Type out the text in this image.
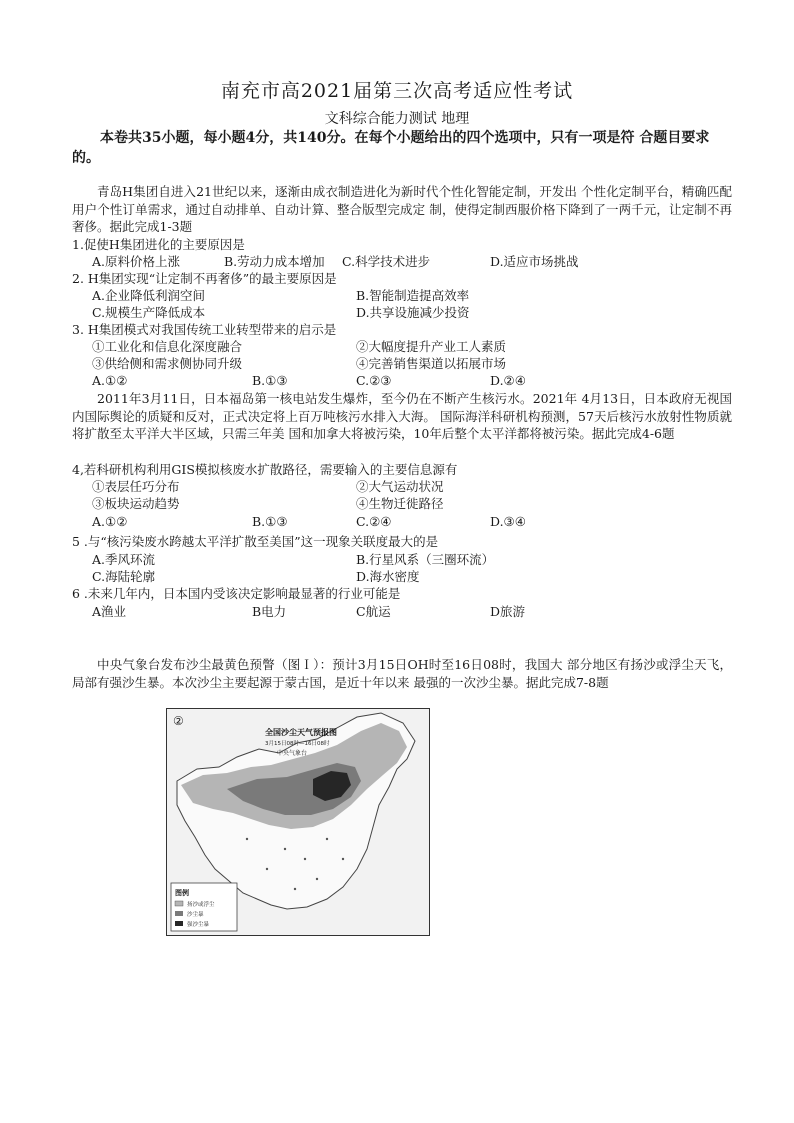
南充市高2021届第三次高考适应性考试
文科综合能力测试 地理
本卷共35小题，每小题4分，共140分。在每个小题给出的四个选项中，只有一项是符 合题目要求的。
青岛H集团自进入21世纪以来，逐渐由成衣制造进化为新时代个性化智能定制，开发出 个性化定制平台，精确匹配用户个性订单需求，通过自动排单、自动计算、整合版型完成定 制，使得定制西服价格下降到了一两千元，让定制不再奢侈。据此完成1-3题
1.促使H集团进化的主要原因是
A.原料价格上涨	B.劳动力成本增加 C.科学技术进步	D.适应市场挑战
2. H集团实现“让定制不再奢侈”的最主要原因是
A.企业降低利润空间	B.智能制造提高效率
C.规模生产降低成本	D.共享设施减少投资
3. H集团模式对我国传统工业转型带来的启示是
①工业化和信息化深度融合	②大幅度提升产业工人素质
③供给侧和需求侧协同升级	④完善销售渠道以拓展市场
A.①②	B.①③	C.②③	D.②④
2011年3月11日，日本福岛第一核电站发生爆炸，至今仍在不断产生核污水。2021年 4月13日，日本政府无视国内国际舆论的质疑和反对，正式决定将上百万吨核污水排入大海。 国际海洋科研机构预测，57天后核污水放射性物质就将扩散至太平洋大半区域，只需三年美 国和加拿大将被污染，10年后整个太平洋都将被污染。据此完成4-6题
4,若科研机构利用GIS模拟核废水扩散路径，需要输入的主要信息源有
①表层任巧分布	②大气运动状况
③板块运动趋势	④生物迁徙路径
A.①②	B.①③	C.②④	D.③④
5 .与“核污染废水跨越太平洋扩散至美国”这一现象关联度最大的是
A.季风环流	B.行星风系（三圈环流）
C.海陆轮廓	D.海水密度
6 .未来几年内，日本国内受该决定影响最显著的行业可能是
A渔业	B电力	C航运	D旅游
中央气象台发布沙尘最黄色预瞥（图Ｉ）：预计3月15日OH时至16日08时，我国大 部分地区有扬沙或浮尘天飞，局部有强沙生暴。本次沙尘主要起源于蒙古国，是近十年以来 最强的一次沙尘暴。据此完成7-8题
②
全国沙尘天气预报图
3月15日08时—16日08时
中央气象台
图例
扬沙或浮尘
沙尘暴
强沙尘暴
